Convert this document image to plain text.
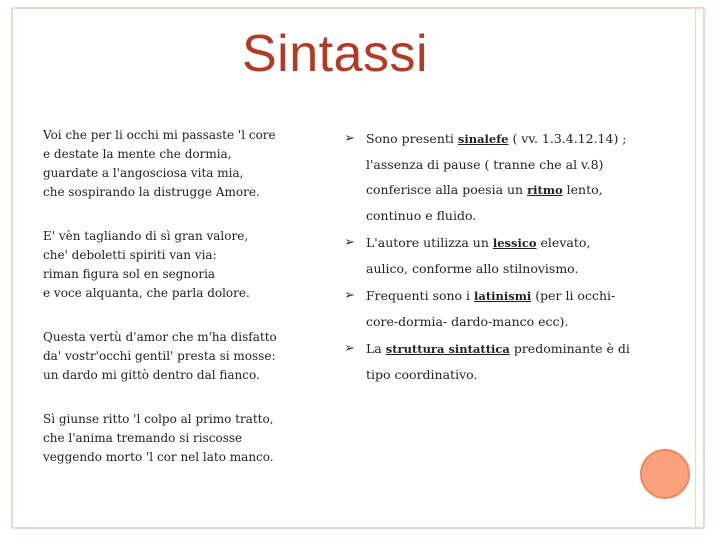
Sintassi
Voi che per li occhi mi passaste 'l core
e destate la mente che dormia,
guardate a l'angosciosa vita mia,
che sospirando la distrugge Amore.
E' vèn tagliando di sì gran valore,
che' deboletti spiriti van via:
riman figura sol en segnoria
e voce alquanta, che parla dolore.
Questa vertù d'amor che m'ha disfatto
da' vostr'occhi gentil' presta si mosse:
un dardo mi gittò dentro dal fianco.
Sì giunse ritto 'l colpo al primo tratto,
che l'anima tremando si riscosse
veggendo morto 'l cor nel lato manco.
➢ Sono presenti sinalefe ( vv. 1.3.4.12.14) ; l'assenza di pause ( tranne che al v.8) conferisce alla poesia un ritmo lento, continuo e fluido.
➢ L'autore utilizza un lessico elevato, aulico, conforme allo stilnovismo.
➢ Frequenti sono i latinismi (per li occhi-core-dormia- dardo-manco ecc).
➢ La struttura sintattica predominante è di tipo coordinativo.
